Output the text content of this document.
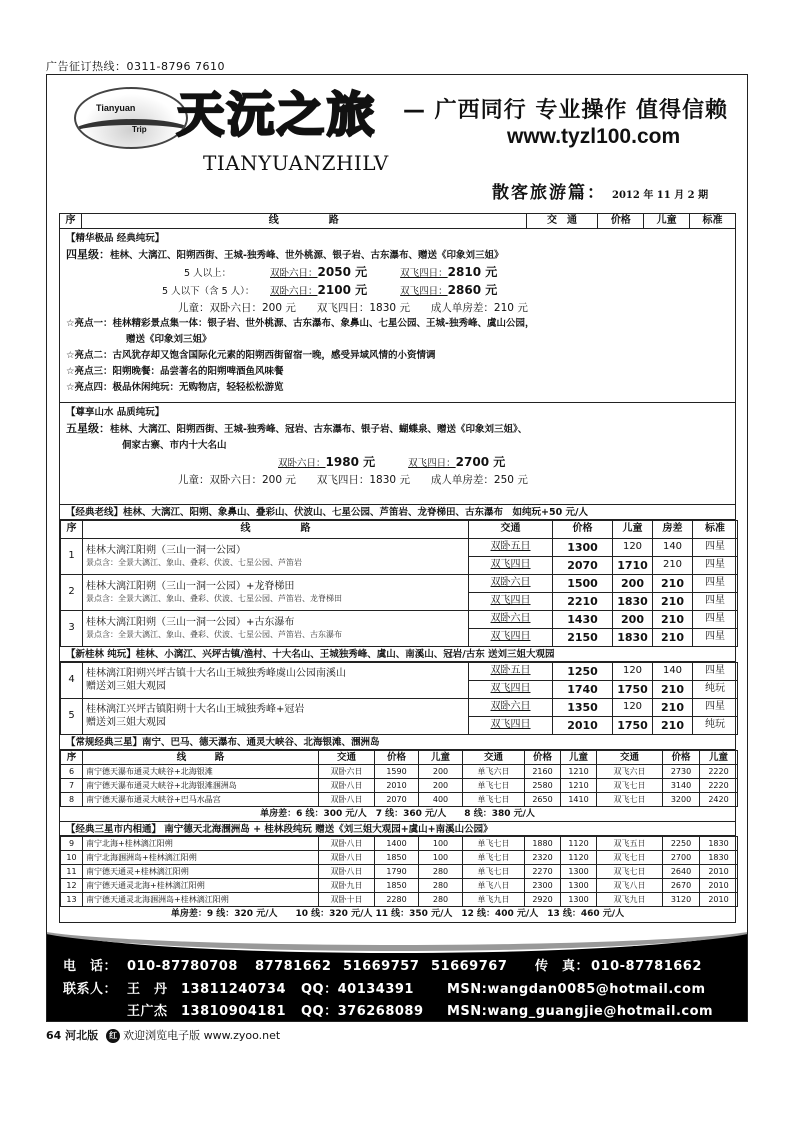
广告征订热线：0311-8796 7610
Tianyuan
Trip 天沅之旅
TIANYUANZHILV
— 广西同行 专业操作 值得信赖
www.tyzl100.com
散客旅游篇： 2012 年 11 月 2 期
序	线　　　　　路	交　通	价格	儿童	标准
【精华极品 经典纯玩】
四星级：桂林、大漓江、阳朔西街、王城-独秀峰、世外桃源、银子岩、古东瀑布、赠送《印象刘三姐》
5 人以上：	双卧六日：2050 元	双飞四日：2810 元
5 人以下（含 5 人）： 双卧六日：2100 元	双飞四日：2860 元
儿童：双卧六日：200 元　　双飞四日：1830 元　　成人单房差：210 元
☆亮点一：桂林精彩景点集一体：银子岩、世外桃源、古东瀑布、象鼻山、七星公园、王城-独秀峰、虞山公园，
赠送《印象刘三姐》
☆亮点二：古风犹存却又饱含国际化元素的阳朔西街留宿一晚，感受异域风情的小资情调
☆亮点三：阳朔晚餐：品尝著名的阳朔啤酒鱼风味餐
☆亮点四：极品休闲纯玩：无购物店，轻轻松松游览
【尊享山水 品质纯玩】
五星级：桂林、大漓江、阳朔西街、王城-独秀峰、冠岩、古东瀑布、银子岩、蝴蝶泉、赠送《印象刘三姐》、
侗家古寨、市内十大名山
双卧六日：1980 元	双飞四日：2700 元
儿童：双卧六日：200 元　　双飞四日：1830 元　　成人单房差：250 元
【经典老线】桂林、大漓江、阳朔、象鼻山、叠彩山、伏波山、七星公园、芦笛岩、龙脊梯田、古东瀑布　如纯玩+50 元/人
序	线　　　　　路	交通	价格	儿童	房差	标准
1	桂林大漓江阳朔（三山一洞一公园）
景点含：全景大漓江、象山、叠彩、伏波、七星公园、芦笛岩	双卧五日	1300	120	140	四星
		双飞四日	2070	1710	210	四星
2	桂林大漓江阳朔（三山一洞一公园）+龙脊梯田
景点含：全景大漓江、象山、叠彩、伏波、七星公园、芦笛岩、龙脊梯田	双卧六日	1500	200	210	四星
		双飞四日	2210	1830	210	四星
3	桂林大漓江阳朔（三山一洞一公园）+古东瀑布
景点含：全景大漓江、象山、叠彩、伏波、七星公园、芦笛岩、古东瀑布	双卧六日	1430	200	210	四星
		双飞四日	2150	1830	210	四星
【新桂林 纯玩】桂林、小漓江、兴坪古镇/渔村、十大名山、王城独秀峰、虞山、南溪山、冠岩/古东 送刘三姐大观园
4	桂林漓江阳朔兴坪古镇十大名山王城独秀峰虞山公园南溪山
赠送刘三姐大观园	双卧五日	1250	120	140	四星
		双飞四日	1740	1750	210	纯玩
5	桂林漓江兴坪古镇阳朔十大名山王城独秀峰+冠岩
赠送刘三姐大观园	双卧六日	1350	120	210	四星
		双飞四日	2010	1750	210	纯玩
【常规经典三星】南宁、巴马、德天瀑布、通灵大峡谷、北海银滩、涠洲岛
序	线　　　路	交通	价格	儿童	交通	价格	儿童	交通	价格	儿童
6	南宁德天瀑布通灵大峡谷+北海银滩	双卧六日	1590	200	单飞六日	2160	1210	双飞六日	2730	2220
7	南宁德天瀑布通灵大峡谷+北海银滩涠洲岛	双卧八日	2010	200	单飞七日	2580	1210	双飞七日	3140	2220
8	南宁德天瀑布通灵大峡谷+巴马水晶宫	双卧八日	2070	400	单飞七日	2650	1410	双飞七日	3200	2420
单房差：6 线：300 元/人　7 线：360 元/人　　8 线：380 元/人
【经典三星市内相通】 南宁德天北海涠洲岛 + 桂林段纯玩 赠送《刘三姐大观园+虞山+南溪山公园》
9	南宁北海+桂林漓江阳朔	双卧八日	1400	100	单飞七日	1880	1120	双飞五日	2250	1830
10	南宁北海涠洲岛+桂林漓江阳朔	双卧八日	1850	100	单飞七日	2320	1120	双飞七日	2700	1830
11	南宁德天通灵+桂林漓江阳朔	双卧八日	1790	280	单飞七日	2270	1300	双飞七日	2640	2010
12	南宁德天通灵北海+桂林漓江阳朔	双卧九日	1850	280	单飞八日	2300	1300	双飞八日	2670	2010
13	南宁德天通灵北海涠洲岛+桂林漓江阳朔	双卧十日	2280	280	单飞九日	2920	1300	双飞九日	3120	2010
单房差：9 线：320 元/人　　10 线：320 元/人 11 线：350 元/人　12 线：400 元/人　13 线：460 元/人
电　话： 010-87780708 87781662 51669757 51669767 传　真： 010-87781662
联系人： 王　丹 13811240734 QQ：40134391	MSN:wangdan0085@hotmail.com
王广杰 13810904181 QQ：376268089 MSN:wang_guangjie@hotmail.com
64 河北版 红 欢迎浏览电子版 www.zyoo.net
